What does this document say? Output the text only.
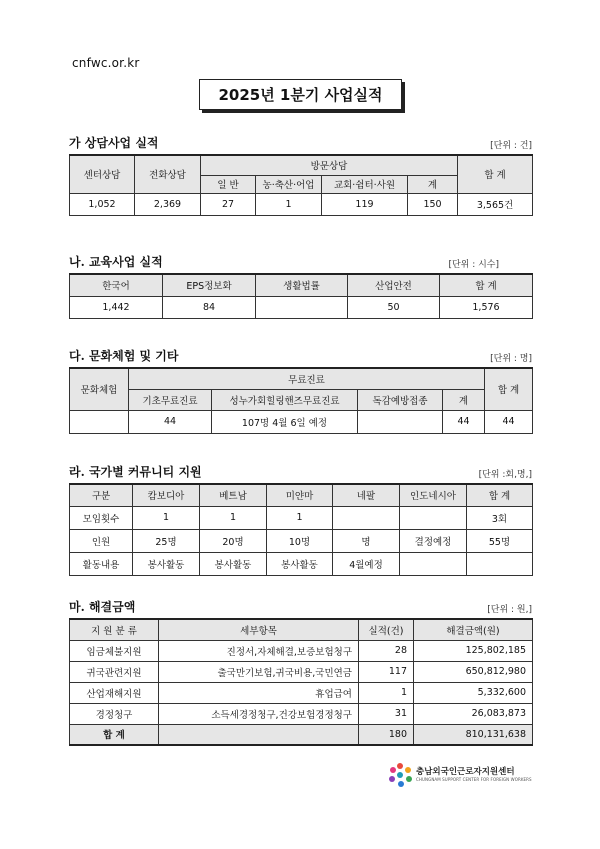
cnfwc.or.kr
2025년 1분기 사업실적
가 상담사업 실적	[단위 : 건]
센터상담	전화상담	방문상담				합 계
		일 반	농·축산·어업	교회·쉼터·사원	계	
1,052	2,369	27	1	119	150	3,565건
나. 교육사업 실적	[단위 : 시수]
한국어	EPS정보화	생활법률	산업안전	합 계
1,442	84		50	1,576
다. 문화체험 및 기타	[단위 : 명]
문화체험	무료진료				합 계
	기초무료진료	성누가회힐링핸즈무료진료	독감예방접종	계	
	44	107명 4월 6일 예정		44	44
라. 국가별 커뮤니티 지원	[단위 :회,명,]
구분	캄보디아	베트남	미얀마	네팔	인도네시아	합 계
모임횟수	1	1	1			3회
인원	25명	20명	10명	명	결정예정	55명
활동내용	봉사활동	봉사활동	봉사활동	4월예정		
마. 해결금액	[단위 : 원,]
지 원 분 류	세부항목	실적(건)	해결금액(원)
임금체불지원	진정서,자체해결,보증보험청구	28	125,802,185
귀국관련지원	출국만기보험,귀국비용,국민연금	117	650,812,980
산업재해지원	휴업급여	1	5,332,600
경정청구	소득세경정청구,건강보험경정청구	31	26,083,873
합 계		180	810,131,638
충남외국인근로자지원센터
CHUNGNAM SUPPORT CENTER FOR FOREIGN WORKERS
